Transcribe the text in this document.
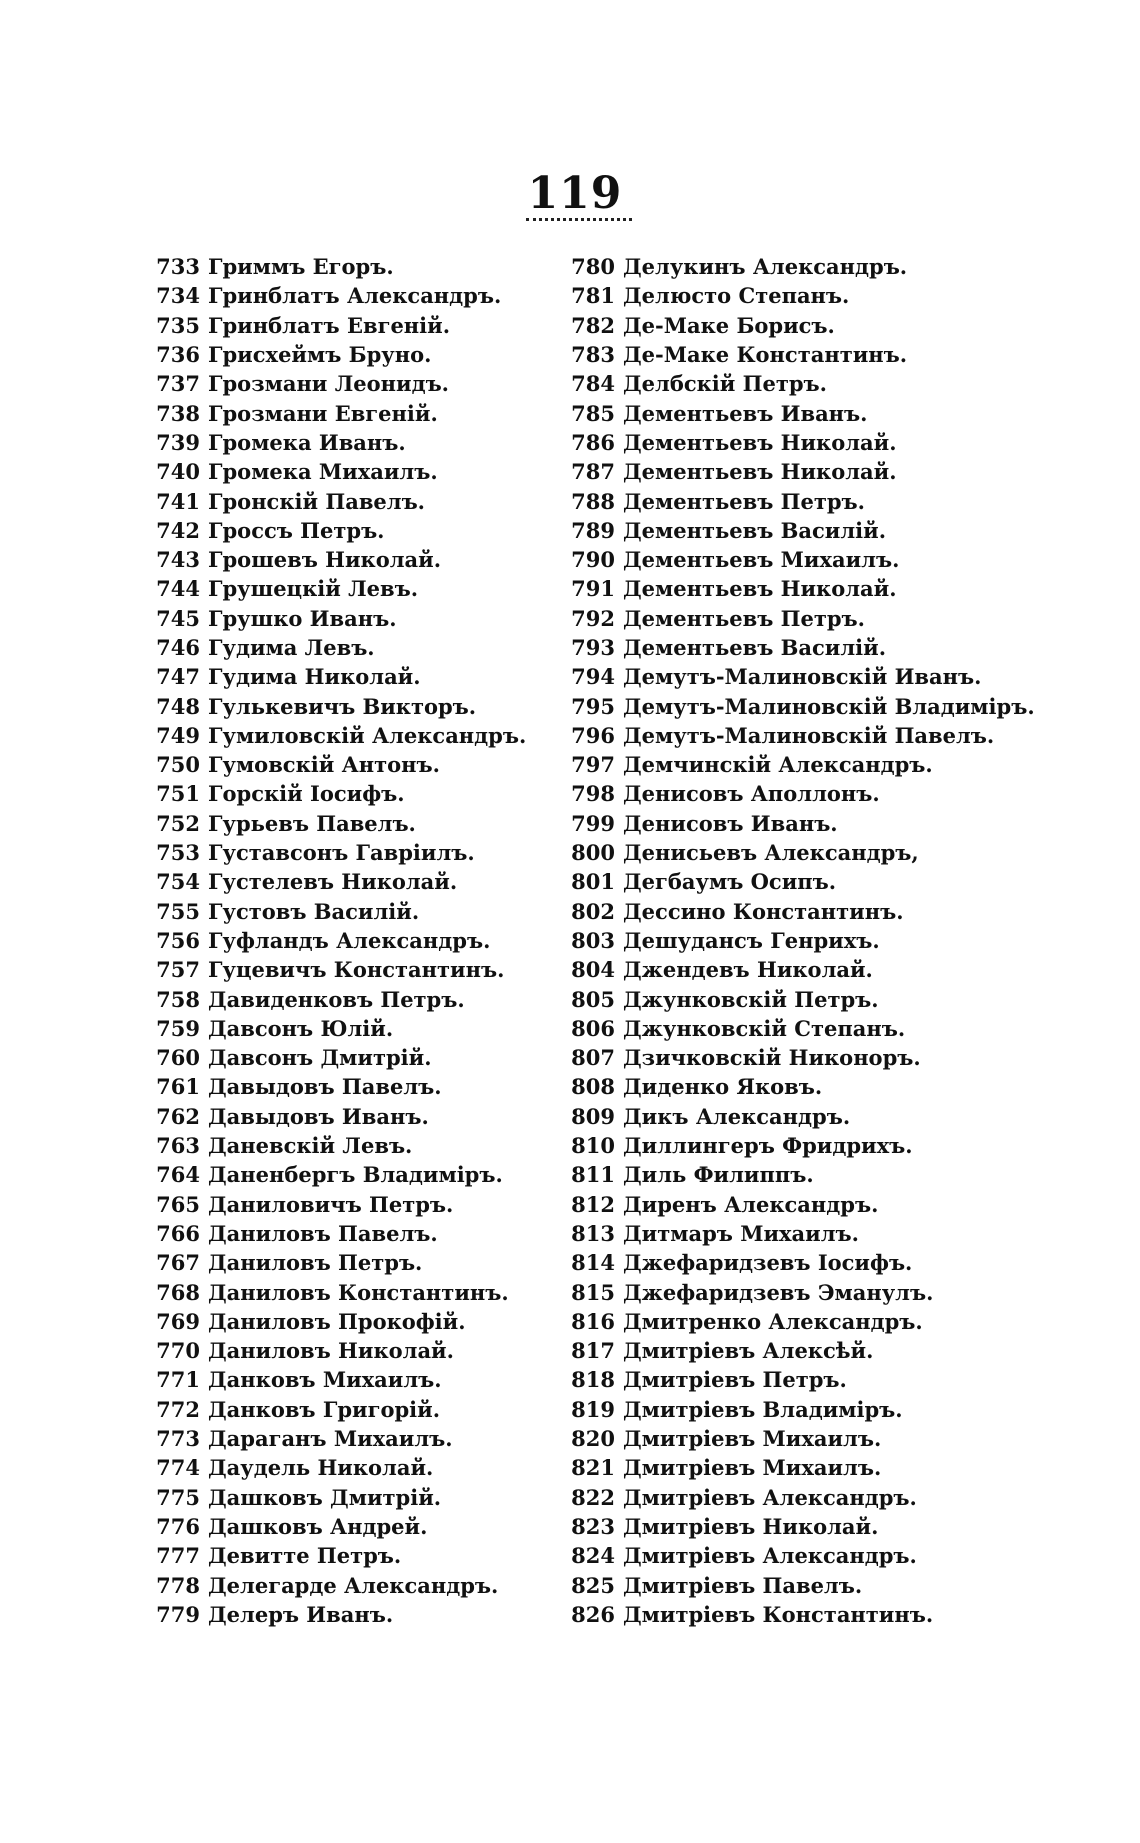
119
733 Гриммъ Егоръ.
734 Гринблатъ Александръ.
735 Гринблатъ Евгеній.
736 Грисхеймъ Бруно.
737 Грозмани Леонидъ.
738 Грозмани Евгеній.
739 Громека Иванъ.
740 Громека Михаилъ.
741 Гронскій Павелъ.
742 Гроссъ Петръ.
743 Грошевъ Николай.
744 Грушецкій Левъ.
745 Грушко Иванъ.
746 Гудима Левъ.
747 Гудима Николай.
748 Гулькевичъ Викторъ.
749 Гумиловскій Александръ.
750 Гумовскій Антонъ.
751 Горскій Іосифъ.
752 Гурьевъ Павелъ.
753 Густавсонъ Гавріилъ.
754 Густелевъ Николай.
755 Густовъ Василій.
756 Гуфландъ Александръ.
757 Гуцевичъ Константинъ.
758 Давиденковъ Петръ.
759 Давсонъ Юлій.
760 Давсонъ Дмитрій.
761 Давыдовъ Павелъ.
762 Давыдовъ Иванъ.
763 Даневскій Левъ.
764 Даненбергъ Владиміръ.
765 Даниловичъ Петръ.
766 Даниловъ Павелъ.
767 Даниловъ Петръ.
768 Даниловъ Константинъ.
769 Даниловъ Прокофій.
770 Даниловъ Николай.
771 Данковъ Михаилъ.
772 Данковъ Григорій.
773 Дараганъ Михаилъ.
774 Даудель Николай.
775 Дашковъ Дмитрій.
776 Дашковъ Андрей.
777 Девитте Петръ.
778 Делегарде Александръ.
779 Делеръ Иванъ.
780 Делукинъ Александръ.
781 Делюсто Степанъ.
782 Де-Маке Борисъ.
783 Де-Маке Константинъ.
784 Делбскій Петръ.
785 Дементьевъ Иванъ.
786 Дементьевъ Николай.
787 Дементьевъ Николай.
788 Дементьевъ Петръ.
789 Дементьевъ Василій.
790 Дементьевъ Михаилъ.
791 Дементьевъ Николай.
792 Дементьевъ Петръ.
793 Дементьевъ Василій.
794 Демутъ-Малиновскій Иванъ.
795 Демутъ-Малиновскій Владиміръ.
796 Демутъ-Малиновскій Павелъ.
797 Демчинскій Александръ.
798 Денисовъ Аполлонъ.
799 Денисовъ Иванъ.
800 Денисьевъ Александръ,
801 Дегбаумъ Осипъ.
802 Дессино Константинъ.
803 Дешудансъ Генрихъ.
804 Джендевъ Николай.
805 Джунковскій Петръ.
806 Джунковскій Степанъ.
807 Дзичковскій Никоноръ.
808 Диденко Яковъ.
809 Дикъ Александръ.
810 Диллингеръ Фридрихъ.
811 Диль Филиппъ.
812 Диренъ Александръ.
813 Дитмаръ Михаилъ.
814 Джефаридзевъ Іосифъ.
815 Джефаридзевъ Эманулъ.
816 Дмитренко Александръ.
817 Дмитріевъ Алексѣй.
818 Дмитріевъ Петръ.
819 Дмитріевъ Владиміръ.
820 Дмитріевъ Михаилъ.
821 Дмитріевъ Михаилъ.
822 Дмитріевъ Александръ.
823 Дмитріевъ Николай.
824 Дмитріевъ Александръ.
825 Дмитріевъ Павелъ.
826 Дмитріевъ Константинъ.
